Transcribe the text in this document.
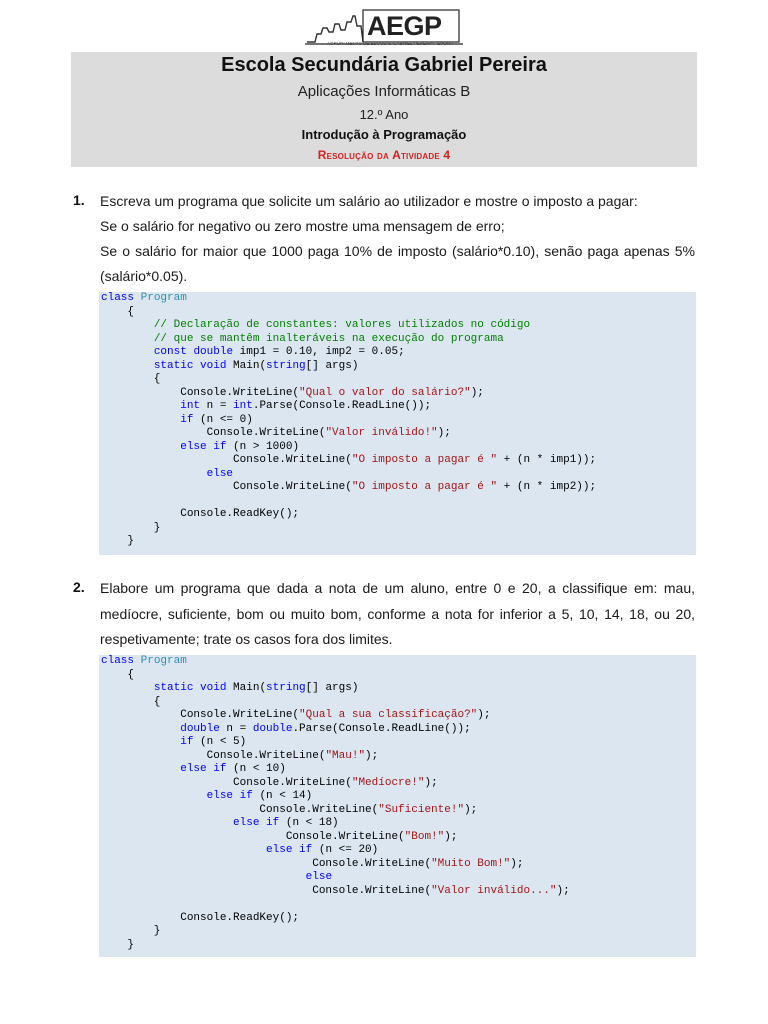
AEGP
AGRUPAMENTO DE ESCOLAS GABRIEL PEREIRA - ÉVORA
Escola Secundária Gabriel Pereira
Aplicações Informáticas B
12.º Ano
Introdução à Programação
Resolução da Atividade 4
1. Escreva um programa que solicite um salário ao utilizador e mostre o imposto a pagar:
Se o salário for negativo ou zero mostre uma mensagem de erro;
Se o salário for maior que 1000 paga 10% de imposto (salário*0.10), senão paga apenas 5%
(salário*0.05).
class Program
{
// Declaração de constantes: valores utilizados no código
// que se mantêm inalteráveis na execução do programa
const double imp1 = 0.10, imp2 = 0.05;
static void Main(string[] args)
{
Console.WriteLine("Qual o valor do salário?");
int n = int.Parse(Console.ReadLine());
if (n <= 0)
Console.WriteLine("Valor inválido!");
else if (n > 1000)
Console.WriteLine("O imposto a pagar é " + (n * imp1));
else
Console.WriteLine("O imposto a pagar é " + (n * imp2));

Console.ReadKey();
}
}
2. Elabore um programa que dada a nota de um aluno, entre 0 e 20, a classifique em: mau,
medíocre, suficiente, bom ou muito bom, conforme a nota for inferior a 5, 10, 14, 18, ou 20,
respetivamente; trate os casos fora dos limites.
class Program
{
static void Main(string[] args)
{
Console.WriteLine("Qual a sua classificação?");
double n = double.Parse(Console.ReadLine());
if (n < 5)
Console.WriteLine("Mau!");
else if (n < 10)
Console.WriteLine("Medíocre!");
else if (n < 14)
Console.WriteLine("Suficiente!");
else if (n < 18)
Console.WriteLine("Bom!");
else if (n <= 20)
Console.WriteLine("Muito Bom!");
else
Console.WriteLine("Valor inválido...");

Console.ReadKey();
}
}
